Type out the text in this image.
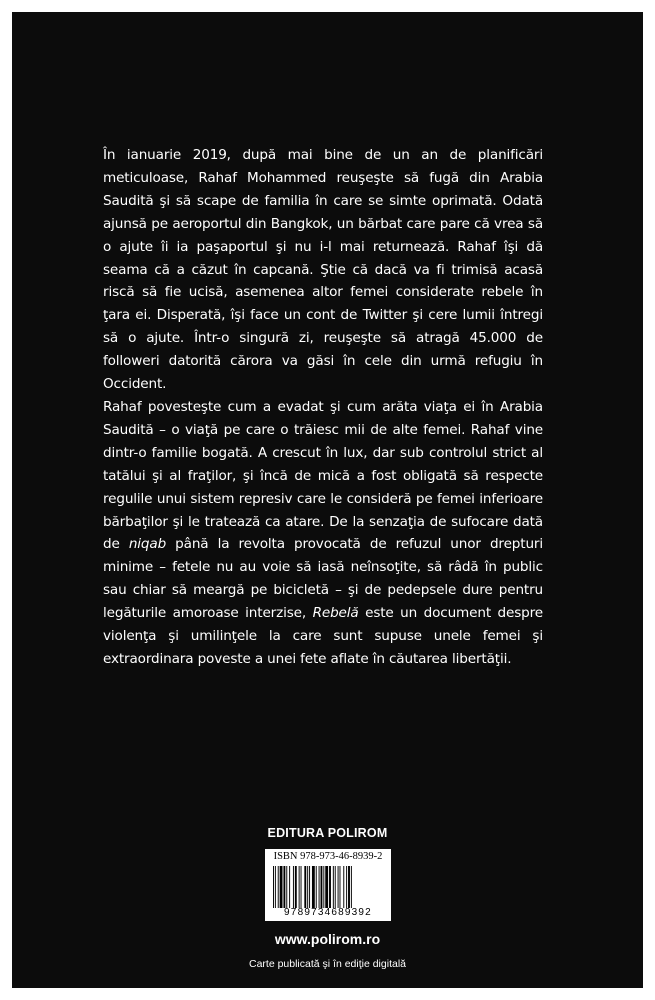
În ianuarie 2019, după mai bine de un an de planificări meticuloase, Rahaf Mohammed reuşeşte să fugă din Arabia Saudită şi să scape de familia în care se simte oprimată. Odată ajunsă pe aeroportul din Bangkok, un bărbat care pare că vrea să o ajute îi ia paşaportul şi nu i-l mai returnează. Rahaf îşi dă seama că a căzut în capcană. Ştie că dacă va fi trimisă acasă riscă să fie ucisă, asemenea altor femei considerate rebele în ţara ei. Disperată, îşi face un cont de Twitter şi cere lumii întregi să o ajute. Într-o singură zi, reuşeşte să atragă 45.000 de followeri datorită cărora va găsi în cele din urmă refugiu în Occident.

Rahaf povesteşte cum a evadat şi cum arăta viaţa ei în Arabia Saudită – o viaţă pe care o trăiesc mii de alte femei. Rahaf vine dintr-o familie bogată. A crescut în lux, dar sub controlul strict al tatălui şi al fraţilor, şi încă de mică a fost obligată să respecte regulile unui sistem represiv care le consideră pe femei inferioare bărbaţilor şi le tratează ca atare. De la senzaţia de sufocare dată de niqab până la revolta provocată de refuzul unor drepturi minime – fetele nu au voie să iasă neînsoţite, să râdă în public sau chiar să meargă pe bicicletă – şi de pedepsele dure pentru legăturile amoroase interzise, Rebelă este un document despre violenţa şi umilinţele la care sunt supuse unele femei şi extraordinara poveste a unei fete aflate în căutarea libertăţii.

EDITURA POLIROM
ISBN 978-973-46-8939-2
9789734689392
www.polirom.ro
Carte publicată şi în ediţie digitală
